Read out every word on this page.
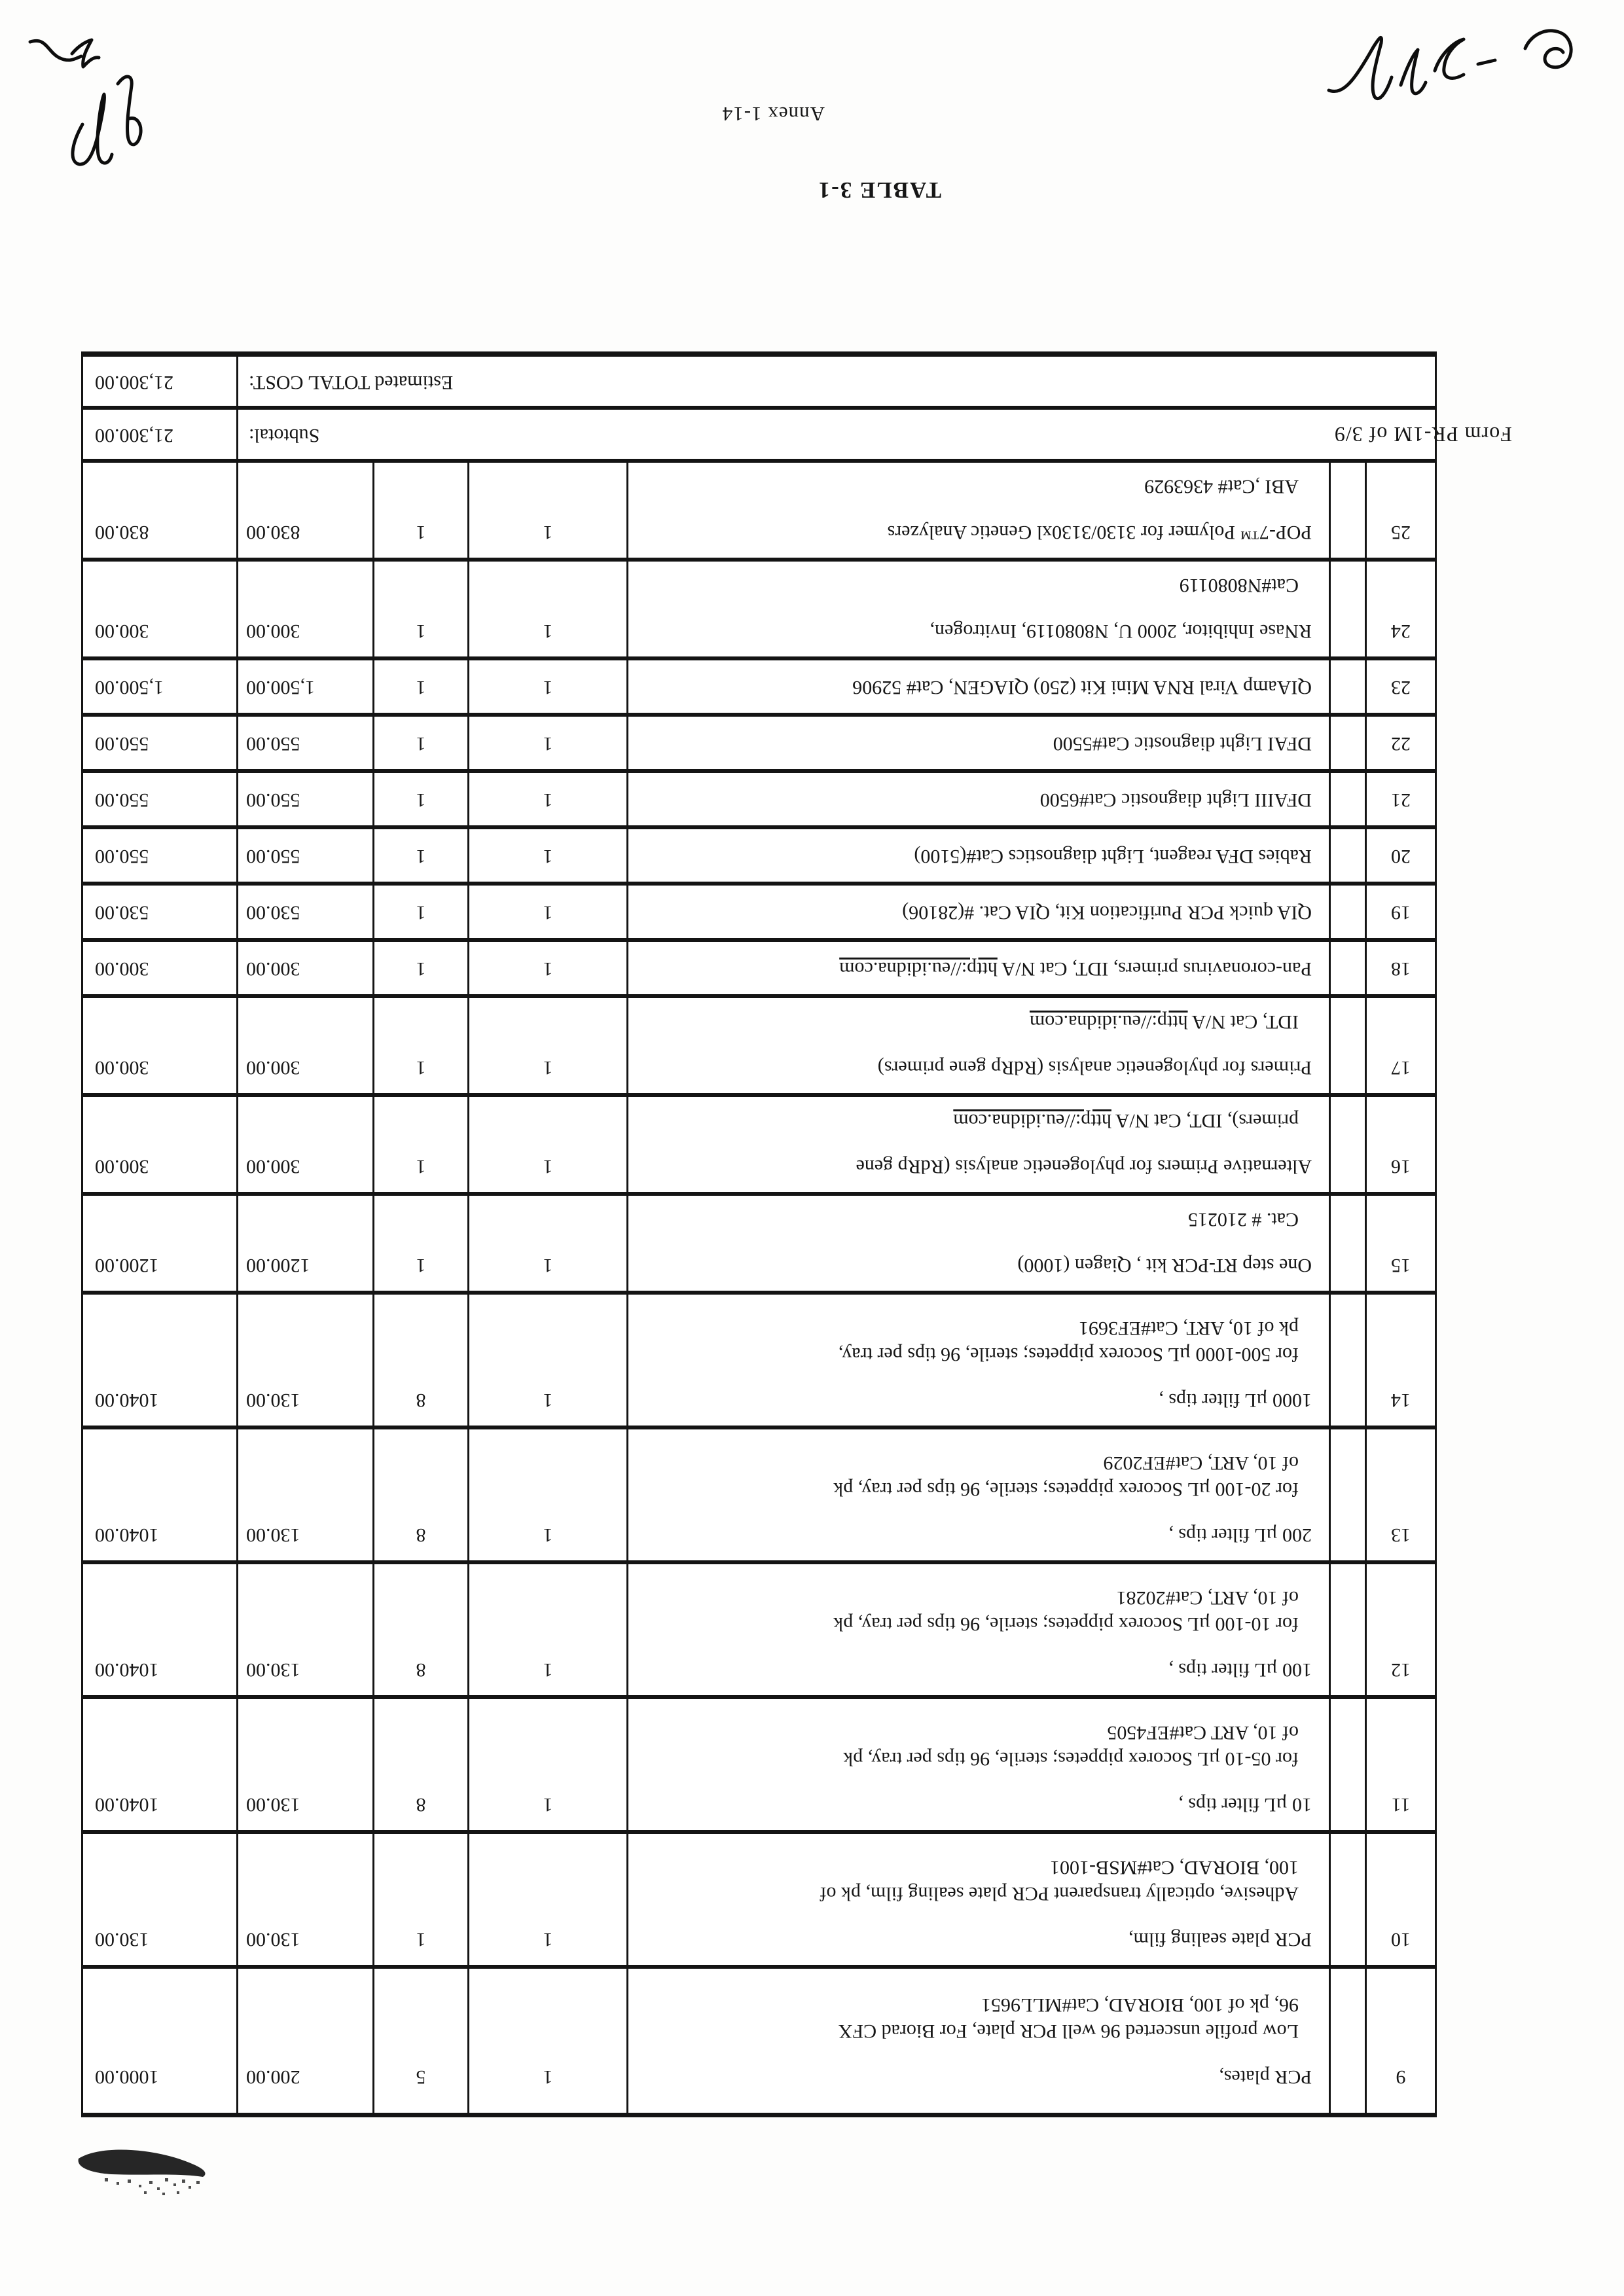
9
PCR plates,
Low profile unscerted 96 well PCR plate, For Biorad CFX
96, pk of 100, BIORAD, Cat#MLL9651
1
5
200.00
1000.00
10
PCR plate sealing film,
Adhesive, optically transparent PCR plate sealing film, pk of
100, BIORAD, Cat#MSB-1001
1
1
130.00
130.00
11
10 µL filter tips ,
for 05-10 µL Socorex pippetes; sterile, 96 tips per tray, pk
of 10, ART Cat#EF4505
1
8
130.00
1040.00
12
100 µL filter tips ,
for 10-100 µL Socorex pippetes; sterile, 96 tips per tray, pk
of 10, ART, Cat#20281
1
8
130.00
1040.00
13
200 µL filter tips ,
for 20-100 µL Socorex pippetes; sterile, 96 tips per tray, pk
of 10, ART, Cat#EF2029
1
8
130.00
1040.00
14
1000 µL filter tips ,
for 500-1000 µL Socorex pippetes; sterile, 96 tips per tray,
pk of 10, ART, Cat#EF3691
1
8
130.00
1040.00
15
One step RT-PCR kit , Qiagen (1000)
Cat. # 210215
1
1
1200.00
1200.00
16
Alternative Primers for phylogenetic analysis (RdRp gene
primers), IDT, Cat N/A http://eu.ididna.com
1
1
300.00
300.00
17
Primers for phylogenetic analysis (RdRp gene primers)
IDT, Cat N/A http://eu.ididna.com
1
1
300.00
300.00
18
Pan-coronavirus primers, IDT, Cat N/A http://eu.ididna.com
1
1
300.00
300.00
19
QIA quick PCR Purification Kit, QIA Cat. #(28106)
1
1
530.00
530.00
20
Rabies DFA reagent, Light diagnostics Cat#(5100)
1
1
550.00
550.00
21
DFAIII Light diagnostic Cat#6500
1
1
550.00
550.00
22
DFAI Light diagnostic Cat#5500
1
1
550.00
550.00
23
QIAamp Viral RNA Mini Kit (250) QIAGEN, Cat# 52906
1
1
1,500.00
1,500.00
24
RNase Inhibitor, 2000 U, N8080119, Invitrogen,
Cat#N8080119
1
1
300.00
300.00
25
POP-7™ Polymer for 3130/3130xl Genetic Analyzers
ABI ,Cat# 4363929
1
1
830.00
830.00
Subtotal:
21,300.00
Estimated TOTAL COST:
21,300.00
Form PR-1M of 3/9
TABLE 3-1
Annex 1-14
